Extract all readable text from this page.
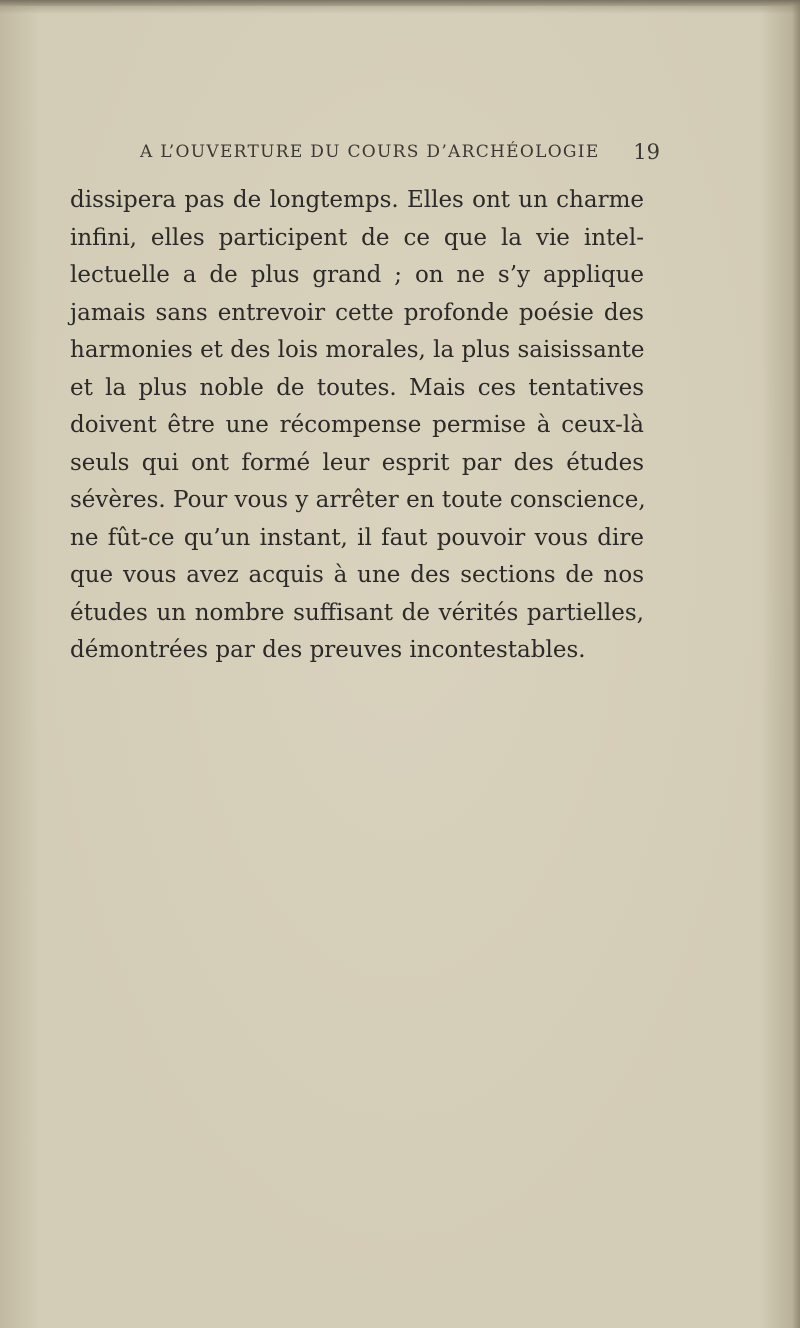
A L’OUVERTURE DU COURS D’ARCHÉOLOGIE 19
dissipera pas de longtemps. Elles ont un charme
infini, elles participent de ce que la vie intel-
lectuelle a de plus grand ; on ne s’y applique
jamais sans entrevoir cette profonde poésie des
harmonies et des lois morales, la plus saisissante
et la plus noble de toutes. Mais ces tentatives
doivent être une récompense permise à ceux-là
seuls qui ont formé leur esprit par des études
sévères. Pour vous y arrêter en toute conscience,
ne fût-ce qu’un instant, il faut pouvoir vous dire
que vous avez acquis à une des sections de nos
études un nombre suffisant de vérités partielles,
démontrées par des preuves incontestables.
